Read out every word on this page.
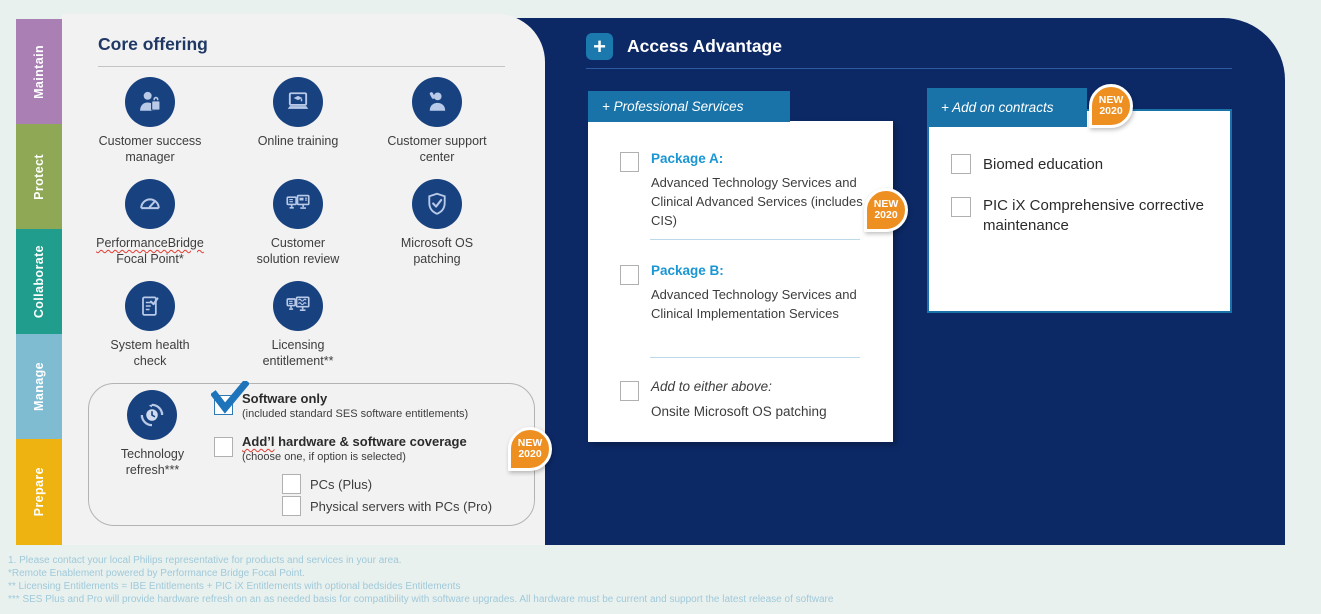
Maintain
Protect
Collaborate
Manage
Prepare
Core offering
Customer success
manager
Online training	Customer support
center
PerformanceBridge
Focal Point*
Customer
solution review
Microsoft OS
patching
System health
check
Licensing
entitlement**
Technology
refresh***
Software only
(included standard SES software entitlements)
Add’l hardware & software coverage
(choose one, if option is selected)
PCs (Plus)
Physical servers with PCs (Pro)
NEW
2020
+ Access Advantage
+ Professional Services
Package A:
Advanced Technology Services and Clinical Advanced Services (includes CIS)
Package B:
Advanced Technology Services and Clinical Implementation Services
Add to either above:
Onsite Microsoft OS patching
NEW
2020
+ Add on contracts	NEW
2020
Biomed education
PIC iX Comprehensive corrective maintenance
1. Please contact your local Philips representative for products and services in your area.
*Remote Enablement powered by Performance Bridge Focal Point.
** Licensing Entitlements = IBE Entitlements + PIC iX Entitlements with optional bedsides Entitlements
*** SES Plus and Pro will provide hardware refresh on an as needed basis for compatibility with software upgrades. All hardware must be current and support the latest release of software
